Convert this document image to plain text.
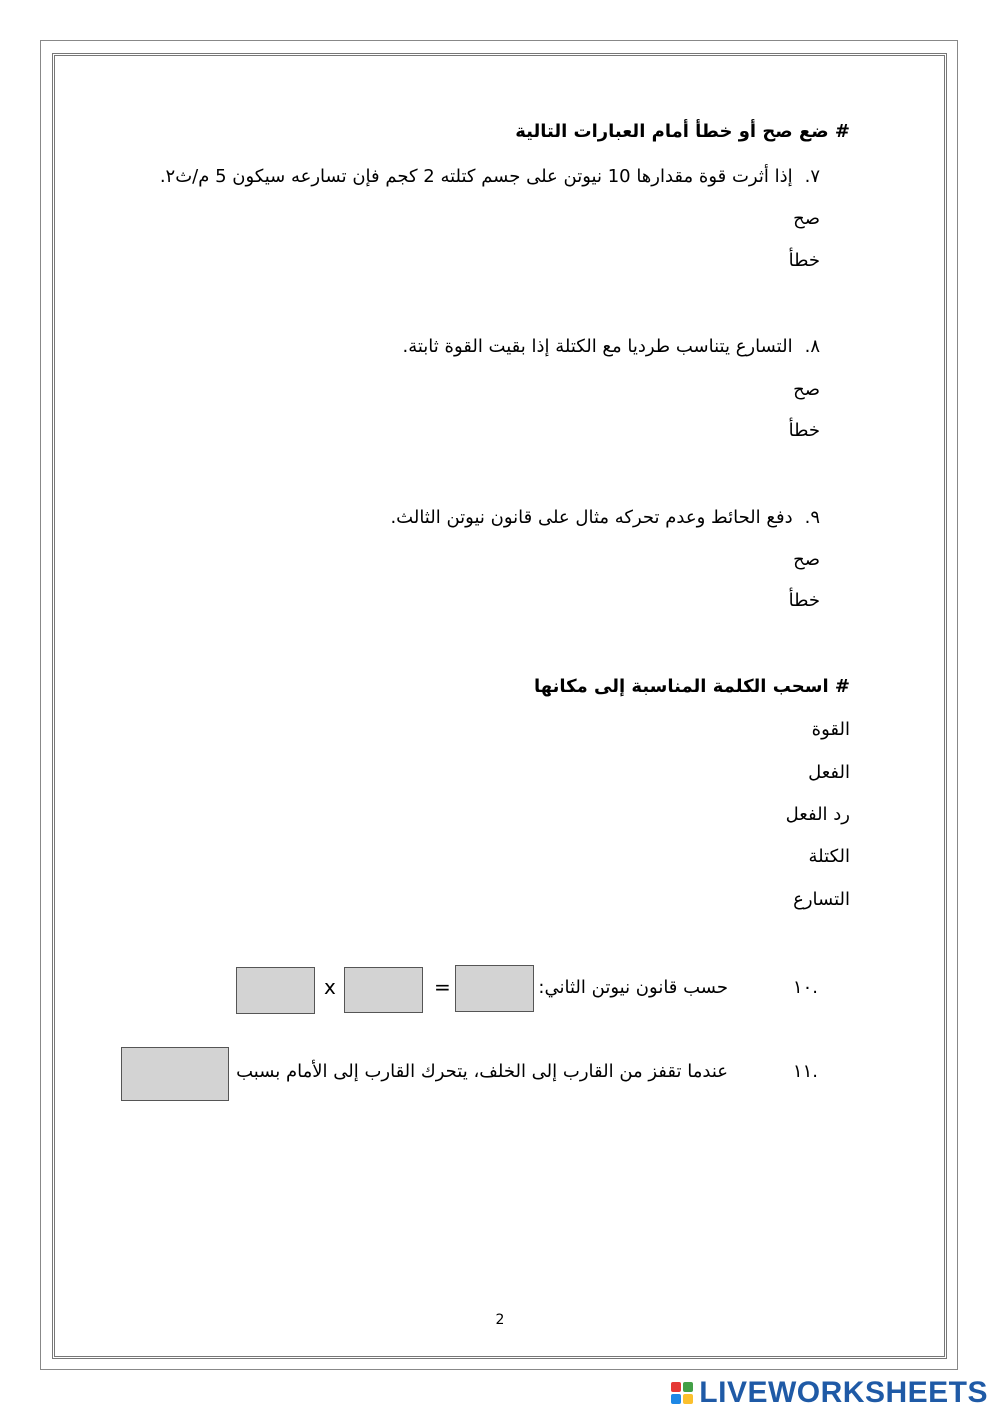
# ضع صح أو خطأ أمام العبارات التالية
٧.إذا أثرت قوة مقدارها 10 نيوتن على جسم كتلته 2 كجم فإن تسارعه سيكون 5 م/ث٢.
صح
خطأ
٨.التسارع يتناسب طرديا مع الكتلة إذا بقيت القوة ثابتة.
صح
خطأ
٩.دفع الحائط وعدم تحركه مثال على قانون نيوتن الثالث.
صح
خطأ
# اسحب الكلمة المناسبة إلى مكانها
القوة
الفعل
رد الفعل
الكتلة
التسارع
.١٠
حسب قانون نيوتن الثاني:
=
x
.١١
عندما تقفز من القارب إلى الخلف، يتحرك القارب إلى الأمام بسبب
2
LIVEWORKSHEETS
